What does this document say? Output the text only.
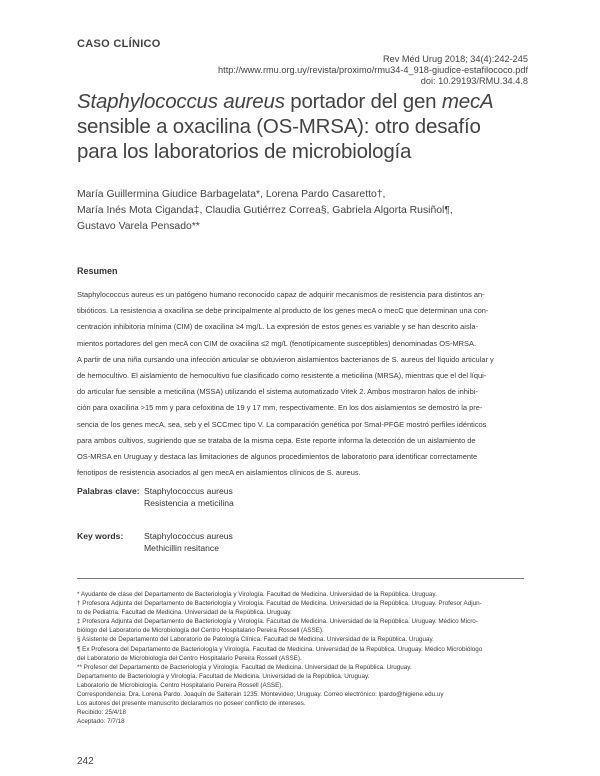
CASO CLÍNICO
Rev Méd Urug 2018; 34(4):242-245
http://www.rmu.org.uy/revista/proximo/rmu34-4_918-giudice-estafilococo.pdf
doi: 10.29193/RMU.34.4.8
Staphylococcus aureus portador del gen mecA
sensible a oxacilina (OS-MRSA): otro desafío
para los laboratorios de microbiología
María Guillermina Giudice Barbagelata*, Lorena Pardo Casaretto†,
María Inés Mota Ciganda‡, Claudia Gutiérrez Correa§, Gabriela Algorta Rusiñol¶,
Gustavo Varela Pensado**
Resumen
Staphylococcus aureus es un patógeno humano reconocido capaz de adquirir mecanismos de resistencia para distintos an-
tibióticos. La resistencia a oxacilina se debe principalmente al producto de los genes mecA o mecC que determinan una con-
centración inhibitoria mínima (CIM) de oxacilina ≥4 mg/L. La expresión de estos genes es variable y se han descrito aisla-
mientos portadores del gen mecA con CIM de oxacilina ≤2 mg/L (fenotípicamente susceptibles) denominadas OS-MRSA.
A partir de una niña cursando una infección articular se obtuvieron aislamientos bacterianos de S. aureus del líquido articular y
de hemocultivo. El aislamiento de hemocultivo fue clasificado como resistente a meticilina (MRSA), mientras que el del líqui-
do articular fue sensible a meticilina (MSSA) utilizando el sistema automatizado Vitek 2. Ambos mostraron halos de inhibi-
ción para oxacilina >15 mm y para cefoxitina de 19 y 17 mm, respectivamente. En los dos aislamientos se demostró la pre-
sencia de los genes mecA, sea, seb y el SCCmec tipo V. La comparación genética por SmaI-PFGE mostró perfiles idénticos
para ambos cultivos, sugiriendo que se trataba de la misma cepa. Este reporte informa la detección de un aislamiento de
OS-MRSA en Uruguay y destaca las limitaciones de algunos procedimientos de laboratorio para identificar correctamente
fenotipos de resistencia asociados al gen mecA en aislamientos clínicos de S. aureus.
Palabras clave: Staphylococcus aureus
Resistencia a meticilina
Key words: Staphylococcus aureus
Methicillin resitance
* Ayudante de clase del Departamento de Bacteriología y Virología. Facultad de Medicina. Universidad de la República. Uruguay.
† Profesora Adjunta del Departamento de Bacteriología y Virología. Facultad de Medicina. Universidad de la República. Uruguay. Profesor Adjun-
to de Pediatría. Facultad de Medicina. Universidad de la República. Uruguay.
‡ Profesora Adjunta del Departamento de Bacteriología y Virología. Facultad de Medicina. Universidad de la República. Uruguay. Médico Micro-
biólogo del Laboratorio de Microbiología del Centro Hospitalario Pereira Rossell (ASSE).
§ Asistente de Departamento del Laboratorio de Patología Clínica. Facultad de Medicina. Universidad de la República. Uruguay.
¶ Ex Profesora del Departamento de Bacteriología y Virología. Facultad de Medicina. Universidad de la República. Uruguay. Médico Microbiólogo
del Laboratorio de Microbiología del Centro Hospitalario Pereira Rossell (ASSE).
** Profesor del Departamento de Bacteriología y Virología. Facultad de Medicina. Universidad de la República. Uruguay.
Departamento de Bacteriología y Virología. Facultad de Medicina. Universidad de la República. Uruguay.
Laboratorio de Microbiología. Centro Hospitalario Pereira Rossell (ASSE).
Correspondencia: Dra. Lorena Pardo. Joaquín de Salterain 1235. Montevideo, Uruguay. Correo electrónico: lpardo@higiene.edu.uy
Los autores del presente manuscrito declaramos no poseer conflicto de intereses.
Recibido: 25/4/18
Aceptado: 7/7/18
242
